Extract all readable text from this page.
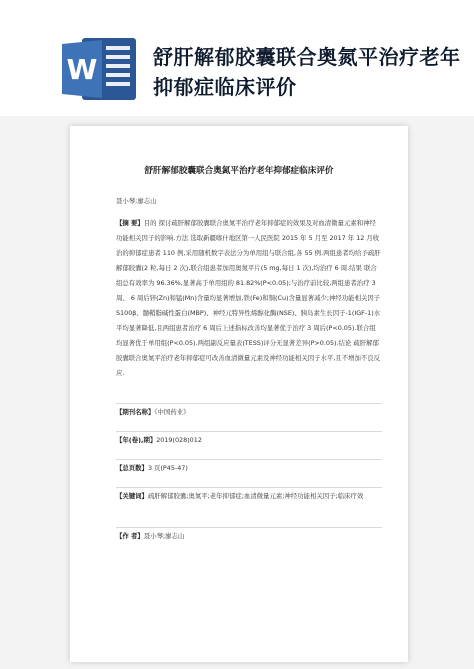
W	舒肝解郁胶囊联合奥氮平治疗老年抑郁症临床评价
舒肝解郁胶囊联合奥氮平治疗老年抑郁症临床评价

聂小琴;廖志山

【摘 要】目的 探讨疏肝解郁胶囊联合奥氮平治疗老年抑郁症的效果及对血清微量元素和神经功能相关因子的影响.方法 选取新疆喀什地区第一人民医院 2015 年 5 月至 2017 年 12 月收治的抑郁症患者 110 例,采用随机数字表法分为单用组与联合组,各 55 例.两组患者均给予疏肝解郁胶囊(2 粒,每日 2 次),联合组患者加用奥氮平片(5 mg,每日 1 次),均治疗 6 周.结果 联合组总有效率为 96.36%,显著高于单用组的 81.82%(P<0.05);与治疗前比较,两组患者治疗 3 周、 6 周后锌(Zn)和锰(Mn)含量均显著增加,铁(Fe)和铜(Cu)含量显著减少;神经功能相关因子 S100β、髓鞘脂碱性蛋白(MBP)、神经元特异性烯醇化酶(NSE)、胰岛素生长因子-1(IGF-1)水平均显著降低,且两组患者治疗 6 周后上述指标改善均显著优于治疗 3 周后(P<0.05).联合组均显著优于单用组(P<0.05).两组副反应量表(TESS)评分无显著差异(P>0.05).结论 疏肝解郁胶囊联合奥氮平治疗老年抑郁症可改善血清微量元素及神经功能相关因子水平,且不增加不良反应.

【期刊名称】《中国药业》

【年(卷),期】2019(028)012

【总页数】3 页(P45-47)

【关键词】疏肝解郁胶囊;奥氮平;老年抑郁症;血清微量元素;神经功能相关因子;临床疗效

【作 者】聂小琴;廖志山
